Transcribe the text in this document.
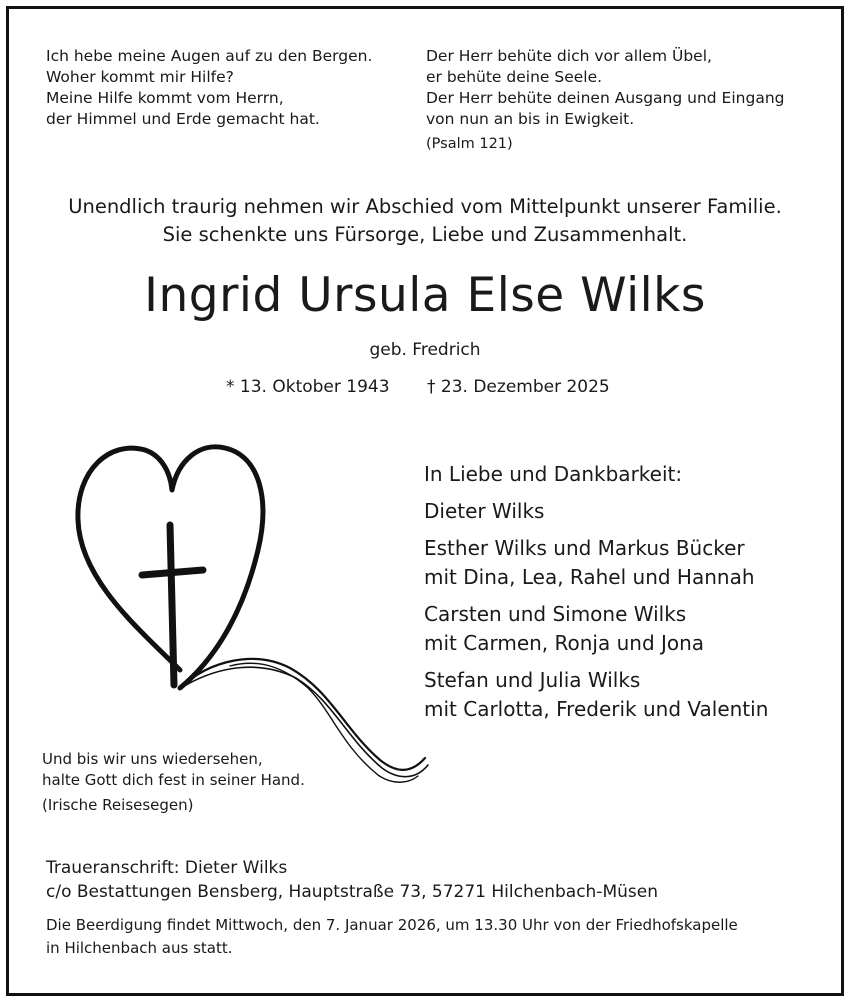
Ich hebe meine Augen auf zu den Bergen.
Woher kommt mir Hilfe?
Meine Hilfe kommt vom Herrn,
der Himmel und Erde gemacht hat.
Der Herr behüte dich vor allem Übel,
er behüte deine Seele.
Der Herr behüte deinen Ausgang und Eingang
von nun an bis in Ewigkeit.
(Psalm 121)
Unendlich traurig nehmen wir Abschied vom Mittelpunkt unserer Familie.
Sie schenkte uns Fürsorge, Liebe und Zusammenhalt.
Ingrid Ursula Else Wilks
geb. Fredrich
* 13. Oktober 1943 † 23. Dezember 2025
In Liebe und Dankbarkeit:
Dieter Wilks
Esther Wilks und Markus Bücker
mit Dina, Lea, Rahel und Hannah
Carsten und Simone Wilks
mit Carmen, Ronja und Jona
Stefan und Julia Wilks
mit Carlotta, Frederik und Valentin
Und bis wir uns wiedersehen,
halte Gott dich fest in seiner Hand.
(Irische Reisesegen)
Traueranschrift: Dieter Wilks
c/o Bestattungen Bensberg, Hauptstraße 73, 57271 Hilchenbach-Müsen
Die Beerdigung findet Mittwoch, den 7. Januar 2026, um 13.30 Uhr von der Friedhofskapelle
in Hilchenbach aus statt.
